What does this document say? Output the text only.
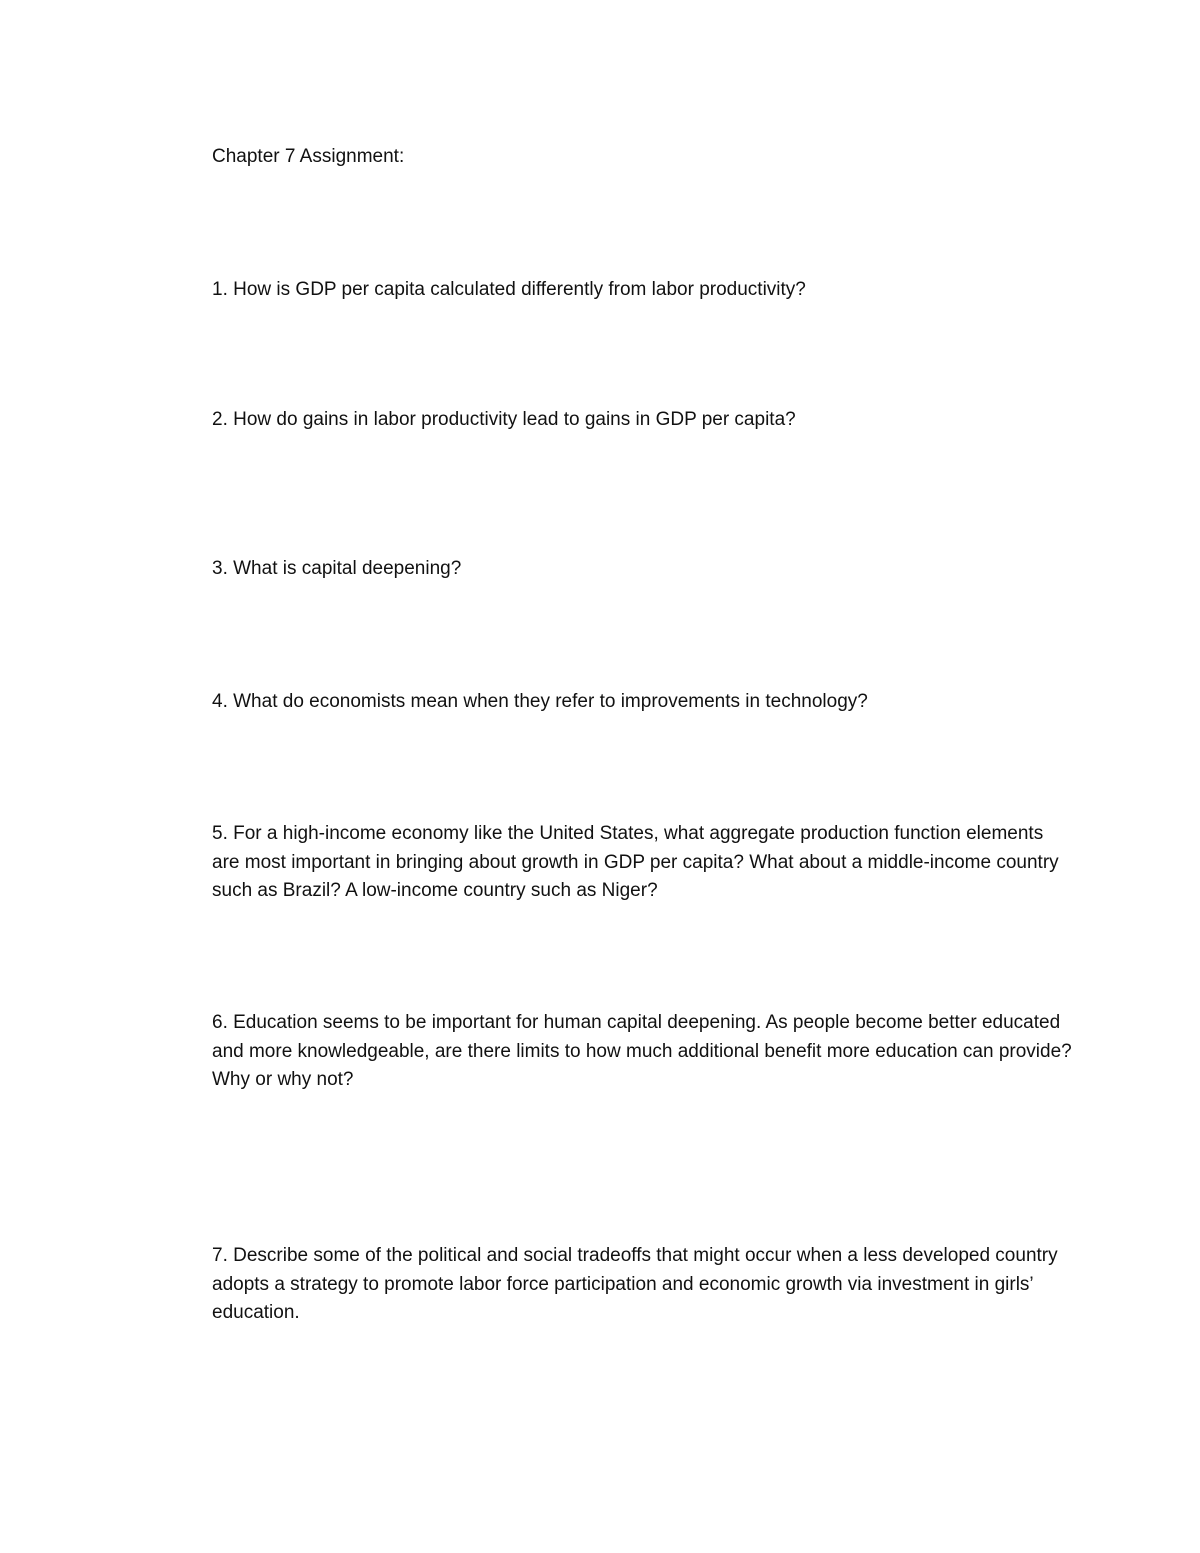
Chapter 7 Assignment:
1. How is GDP per capita calculated differently from labor productivity?
2. How do gains in labor productivity lead to gains in GDP per capita?
3. What is capital deepening?
4. What do economists mean when they refer to improvements in technology?
5. For a high-income economy like the United States, what aggregate production function elements are most important in bringing about growth in GDP per capita? What about a middle-income country such as Brazil? A low-income country such as Niger?
6. Education seems to be important for human capital deepening. As people become better educated and more knowledgeable, are there limits to how much additional benefit more education can provide? Why or why not?
7. Describe some of the political and social tradeoffs that might occur when a less developed country adopts a strategy to promote labor force participation and economic growth via investment in girls’ education.
